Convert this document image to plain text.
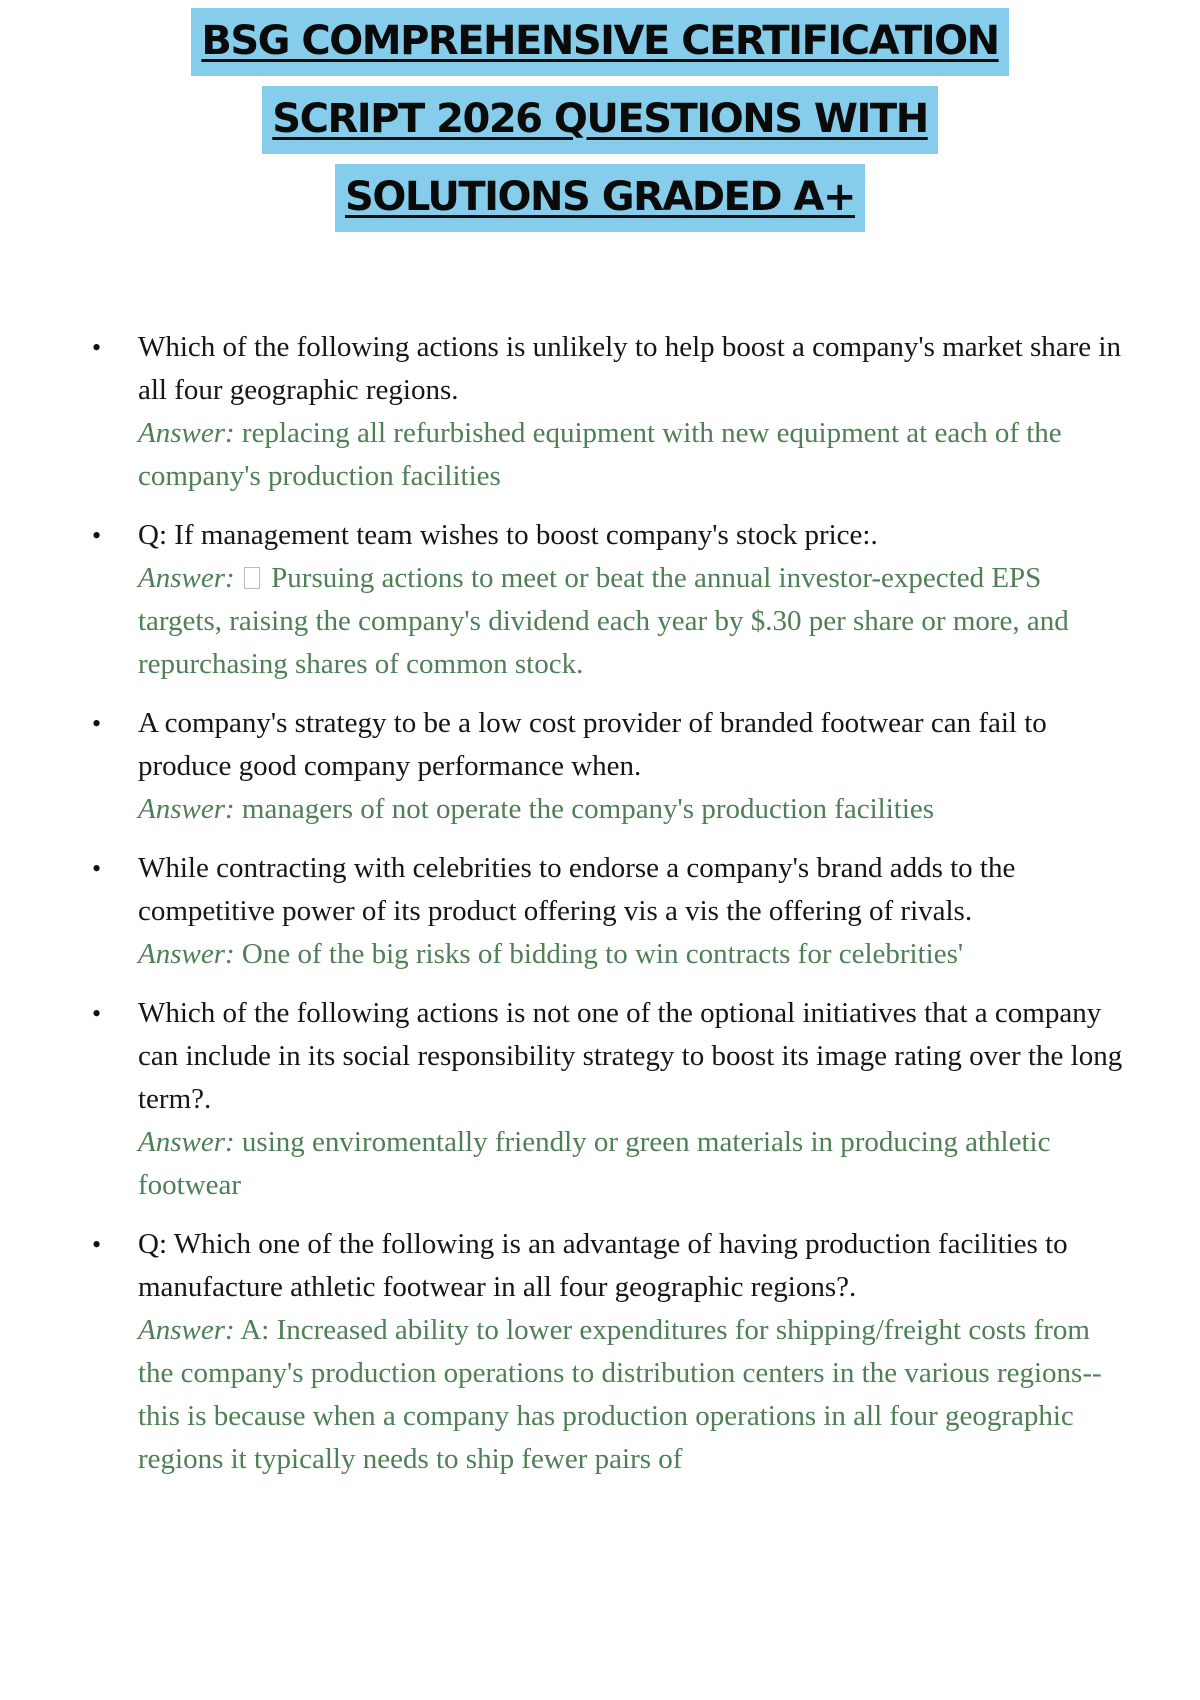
BSG COMPREHENSIVE CERTIFICATION
SCRIPT 2026 QUESTIONS WITH
SOLUTIONS GRADED A+
• Which of the following actions is unlikely to help boost a company's market share in all four geographic regions.
Answer: replacing all refurbished equipment with new equipment at each of the company's production facilities
• Q: If management team wishes to boost company's stock price:.
Answer: Pursuing actions to meet or beat the annual investor-expected EPS targets, raising the company's dividend each year by $.30 per share or more, and repurchasing shares of common stock.
• A company's strategy to be a low cost provider of branded footwear can fail to produce good company performance when.
Answer: managers of not operate the company's production facilities
• While contracting with celebrities to endorse a company's brand adds to the competitive power of its product offering vis a vis the offering of rivals.
Answer: One of the big risks of bidding to win contracts for celebrities'
• Which of the following actions is not one of the optional initiatives that a company can include in its social responsibility strategy to boost its image rating over the long term?.
Answer: using enviromentally friendly or green materials in producing athletic footwear
• Q: Which one of the following is an advantage of having production facilities to manufacture athletic footwear in all four geographic regions?.
Answer: A: Increased ability to lower expenditures for shipping/freight costs from the company's production operations to distribution centers in the various regions--this is because when a company has production operations in all four geographic regions it typically needs to ship fewer pairs of
